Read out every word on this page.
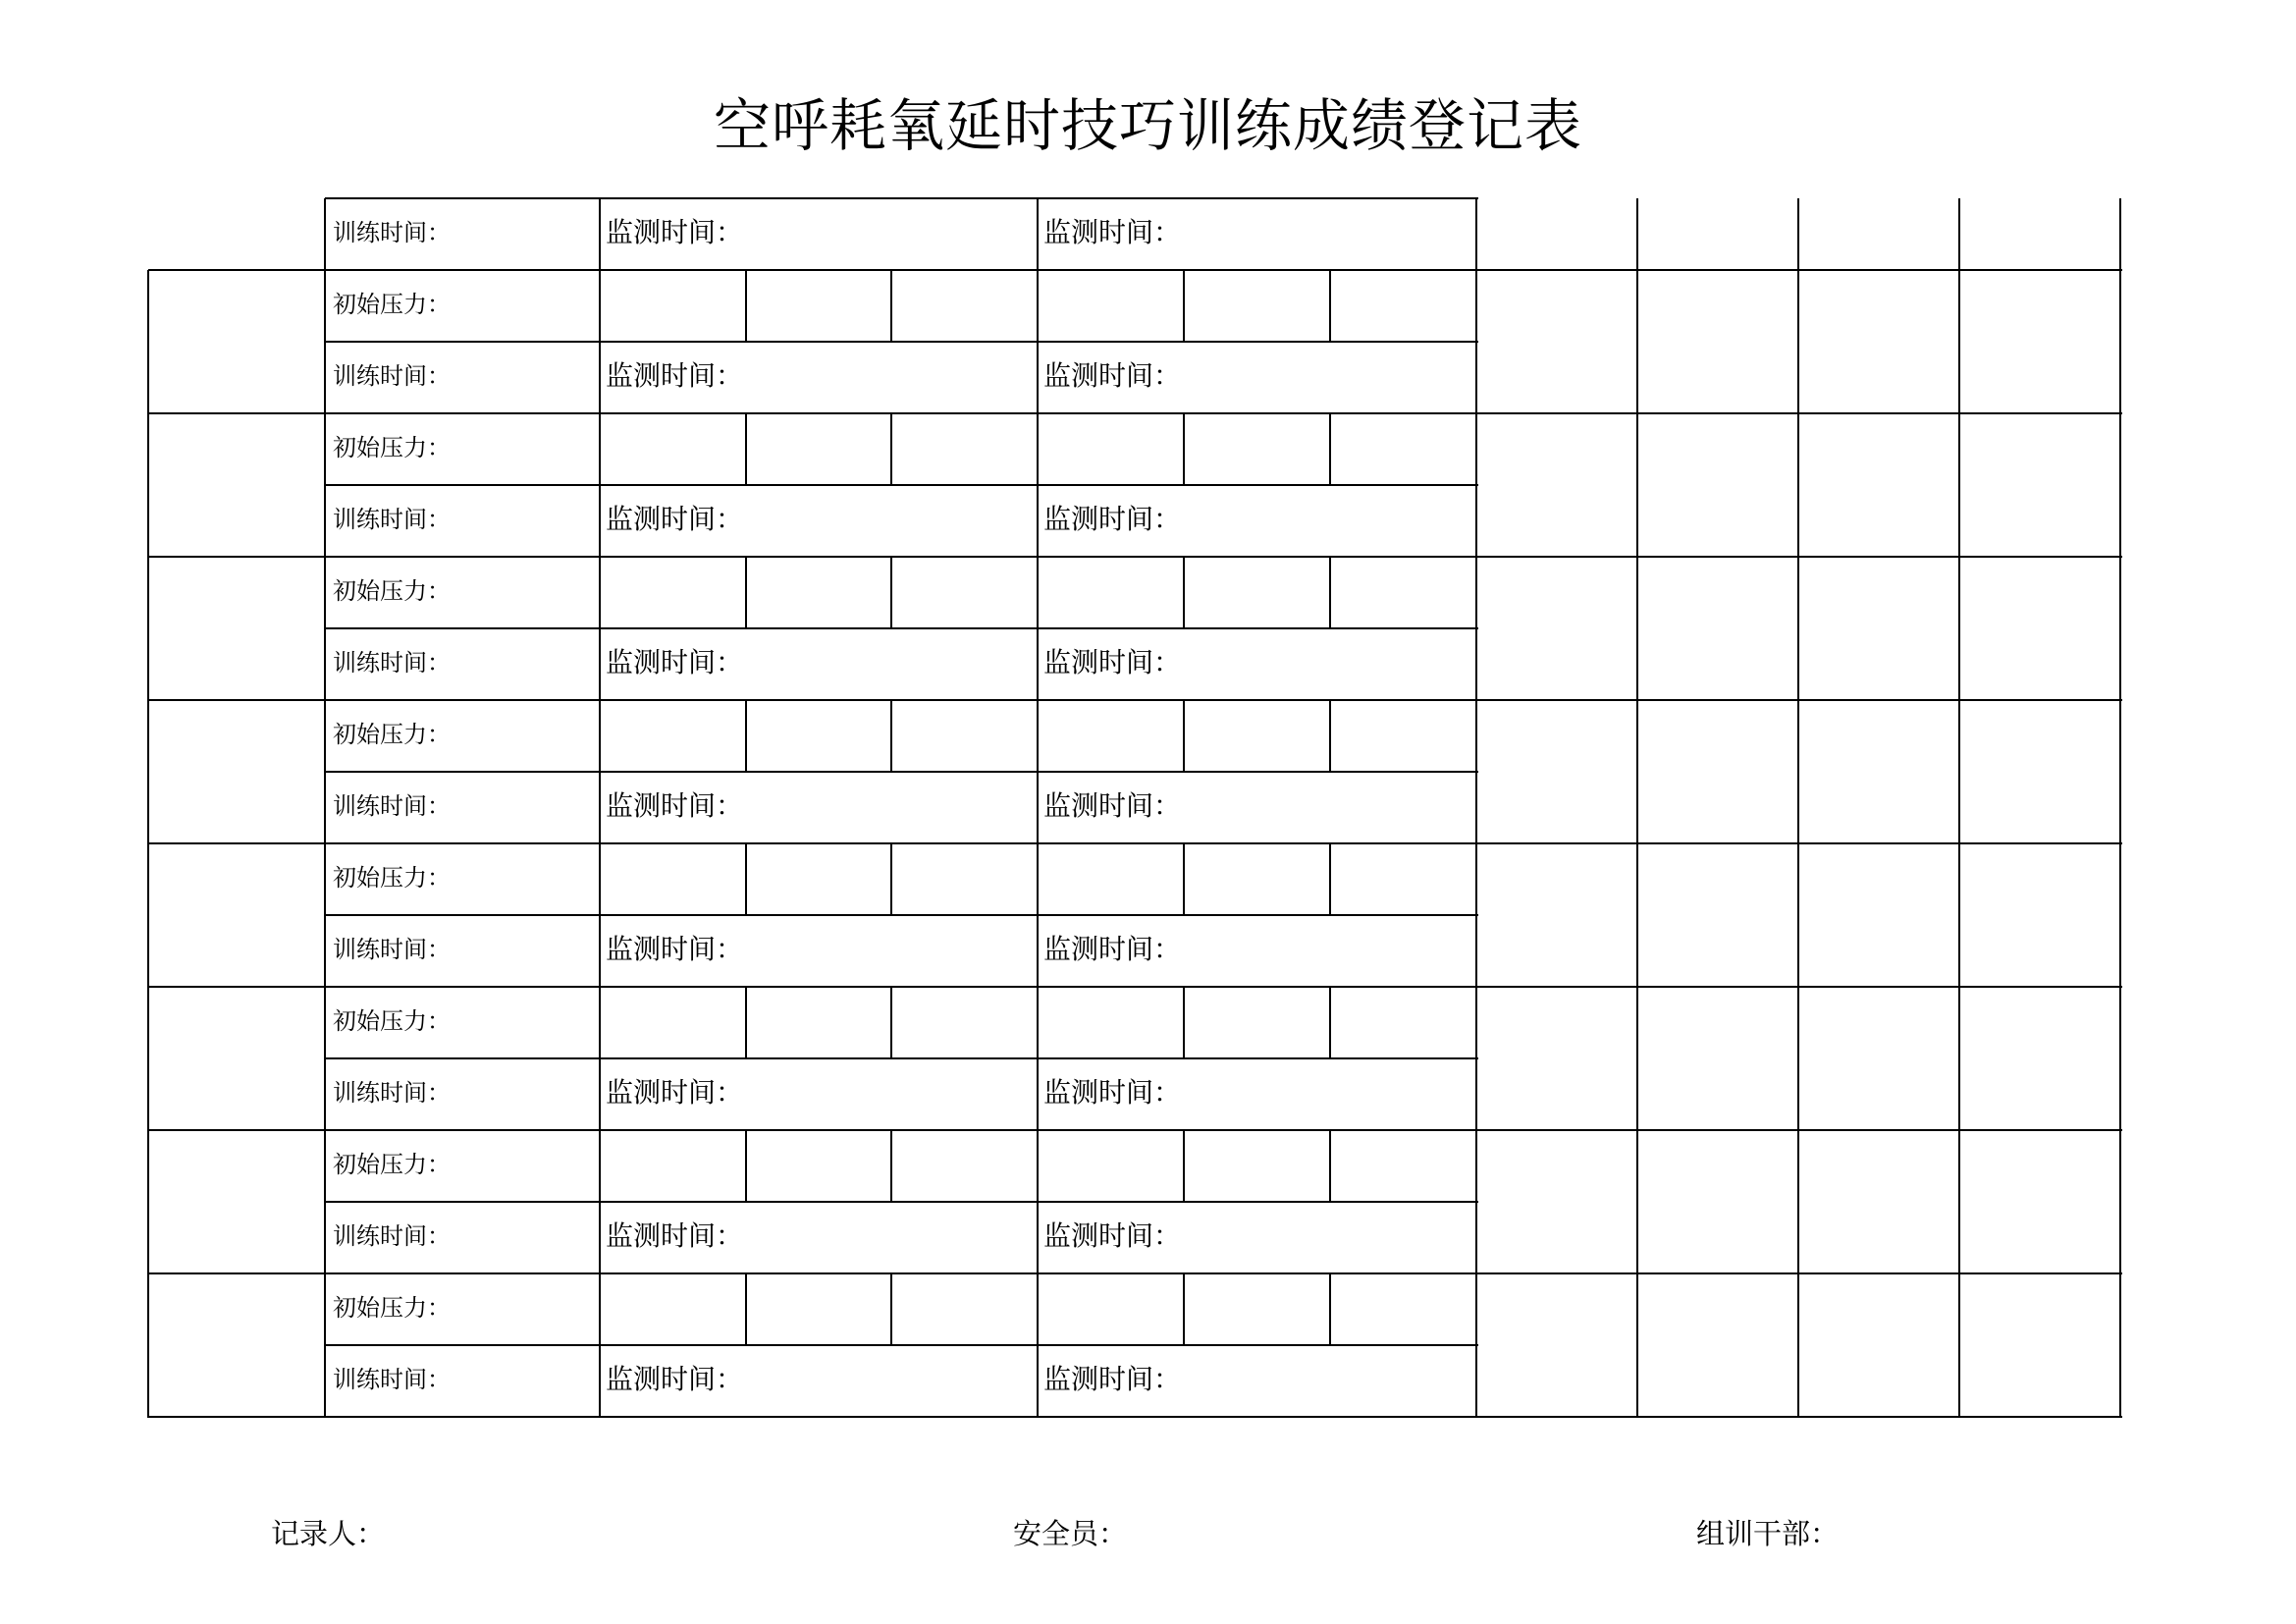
空呼耗氧延时技巧训练成绩登记表
训练时间：	监测时间：	监测时间：
初始压力：
训练时间：	监测时间：	监测时间：
初始压力：
训练时间：	监测时间：	监测时间：
初始压力：
训练时间：	监测时间：	监测时间：
初始压力：
训练时间：	监测时间：	监测时间：
初始压力：
训练时间：	监测时间：	监测时间：
初始压力：
训练时间：	监测时间：	监测时间：
初始压力：
训练时间：	监测时间：	监测时间：
初始压力：
训练时间：	监测时间：	监测时间：
记录人：	安全员：	组训干部：
